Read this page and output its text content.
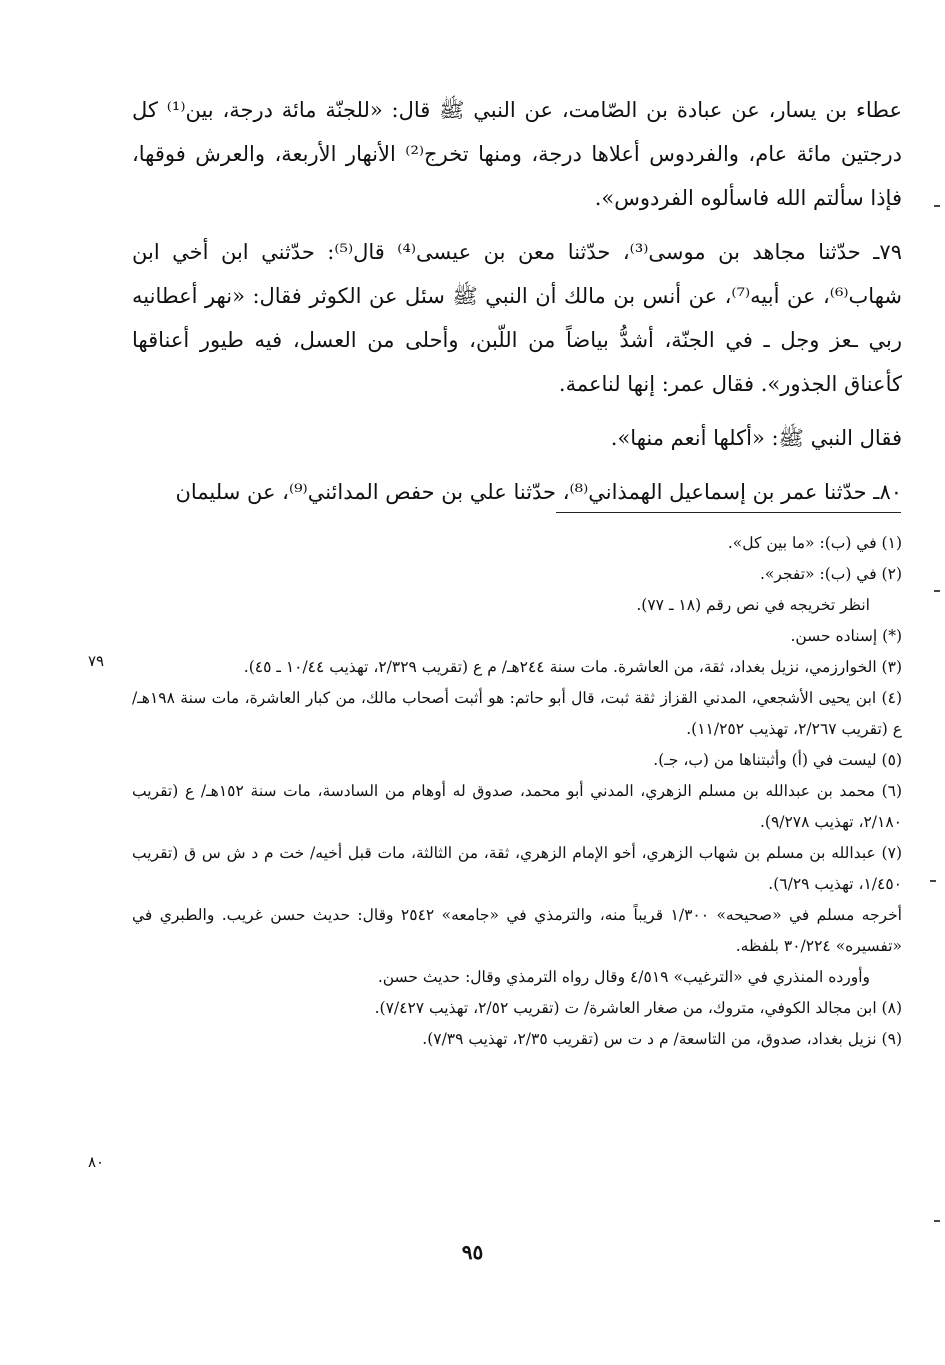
عطاء بن يسار، عن عبادة بن الصّامت، عن النبي ﷺ قال: «للجنّة مائة درجة، بين⁽¹⁾ كل درجتين مائة عام، والفردوس أعلاها درجة، ومنها تخرج⁽²⁾ الأنهار الأربعة، والعرش فوقها، فإذا سألتم الله فاسألوه الفردوس».

٧٩ـ حدّثنا مجاهد بن موسى⁽³⁾، حدّثنا معن بن عيسى⁽⁴⁾ قال⁽⁵⁾: حدّثني ابن أخي ابن شهاب⁽⁶⁾، عن أبيه⁽⁷⁾، عن أنس بن مالك أن النبي ﷺ سئل عن الكوثر فقال: «نهر أعطانيه ربي ـعز وجل ـ في الجنّة، أشدُّ بياضاً من اللّبن، وأحلى من العسل، فيه طيور أعناقها كأعناق الجذور». فقال عمر: إنها لناعمة.

فقال النبي ﷺ: «أكلها أنعم منها».

٨٠ـ حدّثنا عمر بن إسماعيل الهمذاني⁽⁸⁾، حدّثنا علي بن حفص المدائني⁽⁹⁾، عن سليمان

(١) في (ب): «ما بين كل».

(٢) في (ب): «تفجر».

انظر تخريجه في نص رقم (١٨ ـ ٧٧).

(*) إسناده حسن.

(٣) الخوارزمي، نزيل بغداد، ثقة، من العاشرة. مات سنة ٢٤٤هـ/ م ع (تقريب ٢/٣٢٩، تهذيب ١٠/٤٤ ـ ٤٥).

(٤) ابن يحيى الأشجعي، المدني القزاز ثقة ثبت، قال أبو حاتم: هو أثبت أصحاب مالك، من كبار العاشرة، مات سنة ١٩٨هـ/ ع (تقريب ٢/٢٦٧، تهذيب ١١/٢٥٢).

(٥) ليست في (أ) وأثبتناها من (ب، جـ).

(٦) محمد بن عبدالله بن مسلم الزهري، المدني أبو محمد، صدوق له أوهام من السادسة، مات سنة ١٥٢هـ/ ع (تقريب ٢/١٨٠، تهذيب ٩/٢٧٨).

(٧) عبدالله بن مسلم بن شهاب الزهري، أخو الإمام الزهري، ثقة، من الثالثة، مات قبل أخيه/ خت م د ش س ق (تقريب ١/٤٥٠، تهذيب ٦/٢٩).

أخرجه مسلم في «صحيحه» ١/٣٠٠ قريباً منه، والترمذي في «جامعه» ٢٥٤٢ وقال: حديث حسن غريب. والطبري في «تفسيره» ٣٠/٢٢٤ بلفظه.

وأورده المنذري في «الترغيب» ٤/٥١٩ وقال رواه الترمذي وقال: حديث حسن.

(٨) ابن مجالد الكوفي، متروك، من صغار العاشرة/ ت (تقريب ٢/٥٢، تهذيب ٧/٤٢٧).

(٩) نزيل بغداد، صدوق، من التاسعة/ م د ت س (تقريب ٢/٣٥، تهذيب ٧/٣٩).

٧٩
٨٠
٩٥
